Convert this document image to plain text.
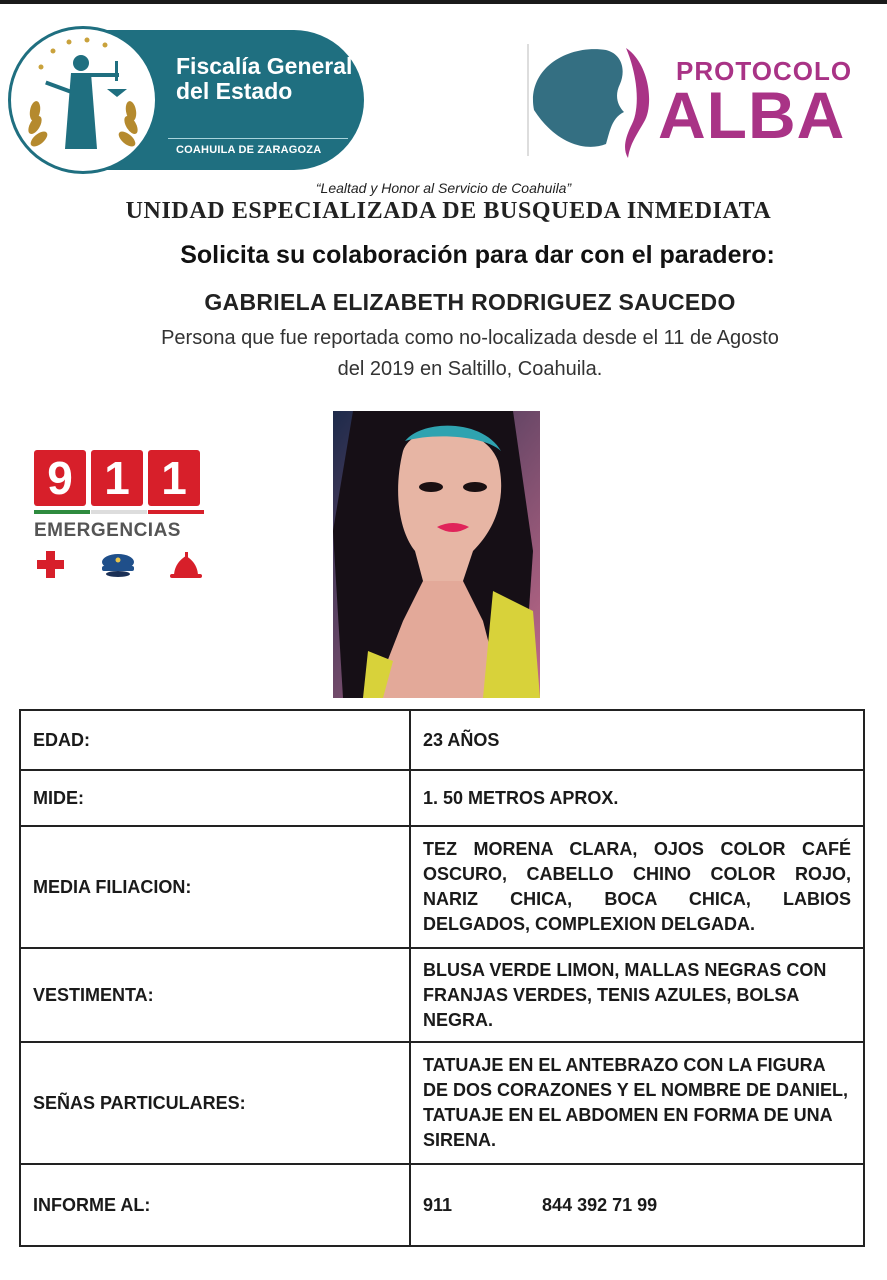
Fiscalía General del Estado
COAHUILA DE ZARAGOZA
PROTOCOLO
ALBA
“Lealtad y Honor al Servicio de Coahuila”
UNIDAD ESPECIALIZADA DE BUSQUEDA INMEDIATA
Solicita su colaboración para dar con el paradero:
GABRIELA ELIZABETH RODRIGUEZ SAUCEDO
Persona que fue reportada como no-localizada desde el 11 de Agosto
del 2019 en Saltillo, Coahuila.
9 1 1
EMERGENCIAS
EDAD:	23 AÑOS
MIDE:	1. 50 METROS APROX.
MEDIA FILIACION:	TEZ MORENA CLARA, OJOS COLOR CAFÉ OSCURO, CABELLO CHINO COLOR ROJO, NARIZ CHICA, BOCA CHICA, LABIOS DELGADOS, COMPLEXION DELGADA.
VESTIMENTA:	BLUSA VERDE LIMON, MALLAS NEGRAS CON FRANJAS VERDES, TENIS AZULES, BOLSA NEGRA.
SEÑAS PARTICULARES:	TATUAJE EN EL ANTEBRAZO CON LA FIGURA DE DOS CORAZONES Y EL NOMBRE DE DANIEL, TATUAJE EN EL ABDOMEN EN FORMA DE UNA SIRENA.
INFORME AL:	911 844 392 71 99
